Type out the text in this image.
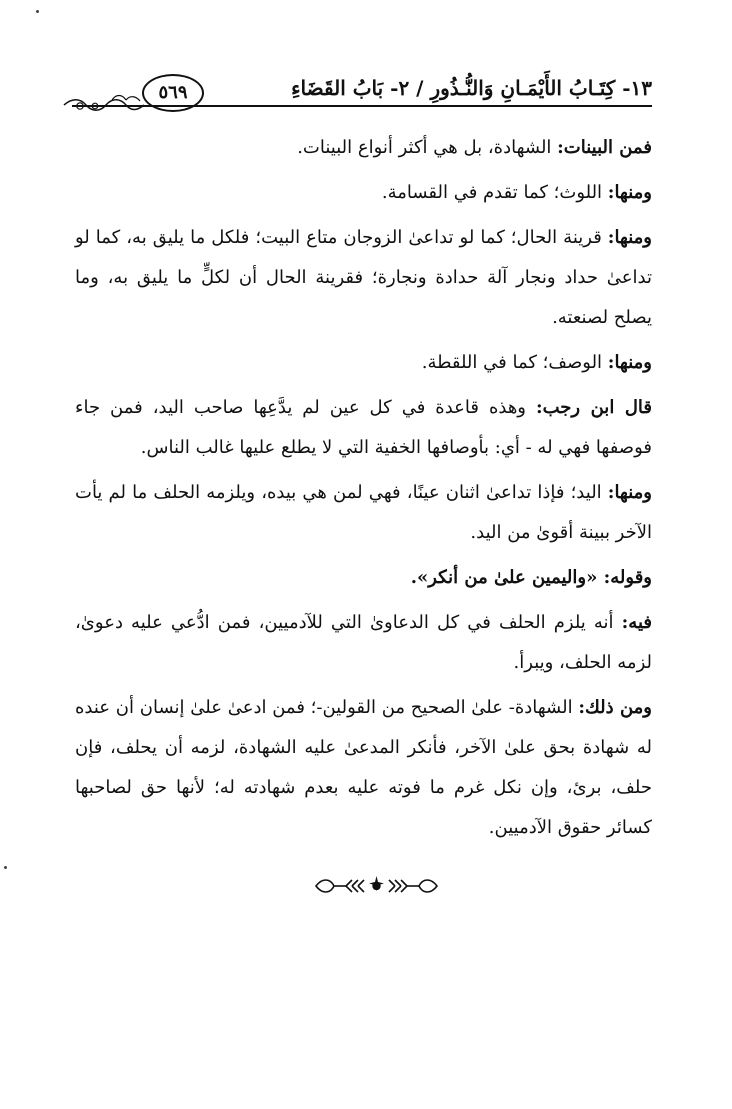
١٣- كِتَـابُ الأَيْمَـانِ وَالنُّـذُورِ / ٢- بَابُ القَضَاءِ
٥٦٩

فمن البينات: الشهادة، بل هي أكثر أنواع البينات.

ومنها: اللوث؛ كما تقدم في القسامة.

ومنها: قرينة الحال؛ كما لو تداعىٰ الزوجان متاع البيت؛ فلكل ما يليق به، كما لو تداعىٰ حداد ونجار آلة حدادة ونجارة؛ فقرينة الحال أن لكلٍّ ما يليق به، وما يصلح لصنعته.

ومنها: الوصف؛ كما في اللقطة.

قال ابن رجب: وهذه قاعدة في كل عين لم يدَّعِها صاحب اليد، فمن جاء فوصفها فهي له - أي: بأوصافها الخفية التي لا يطلع عليها غالب الناس.

ومنها: اليد؛ فإذا تداعىٰ اثنان عينًا، فهي لمن هي بيده، ويلزمه الحلف ما لم يأت الآخر ببينة أقوىٰ من اليد.

وقوله: «واليمين علىٰ من أنكر».

فيه: أنه يلزم الحلف في كل الدعاوىٰ التي للآدميين، فمن ادُّعي عليه دعوىٰ، لزمه الحلف، ويبرأ.

ومن ذلك: الشهادة- علىٰ الصحيح من القولين-؛ فمن ادعىٰ علىٰ إنسان أن عنده له شهادة بحق علىٰ الآخر، فأنكر المدعىٰ عليه الشهادة، لزمه أن يحلف، فإن حلف، برئ، وإن نكل غرم ما فوته عليه بعدم شهادته له؛ لأنها حق لصاحبها كسائر حقوق الآدميين.
